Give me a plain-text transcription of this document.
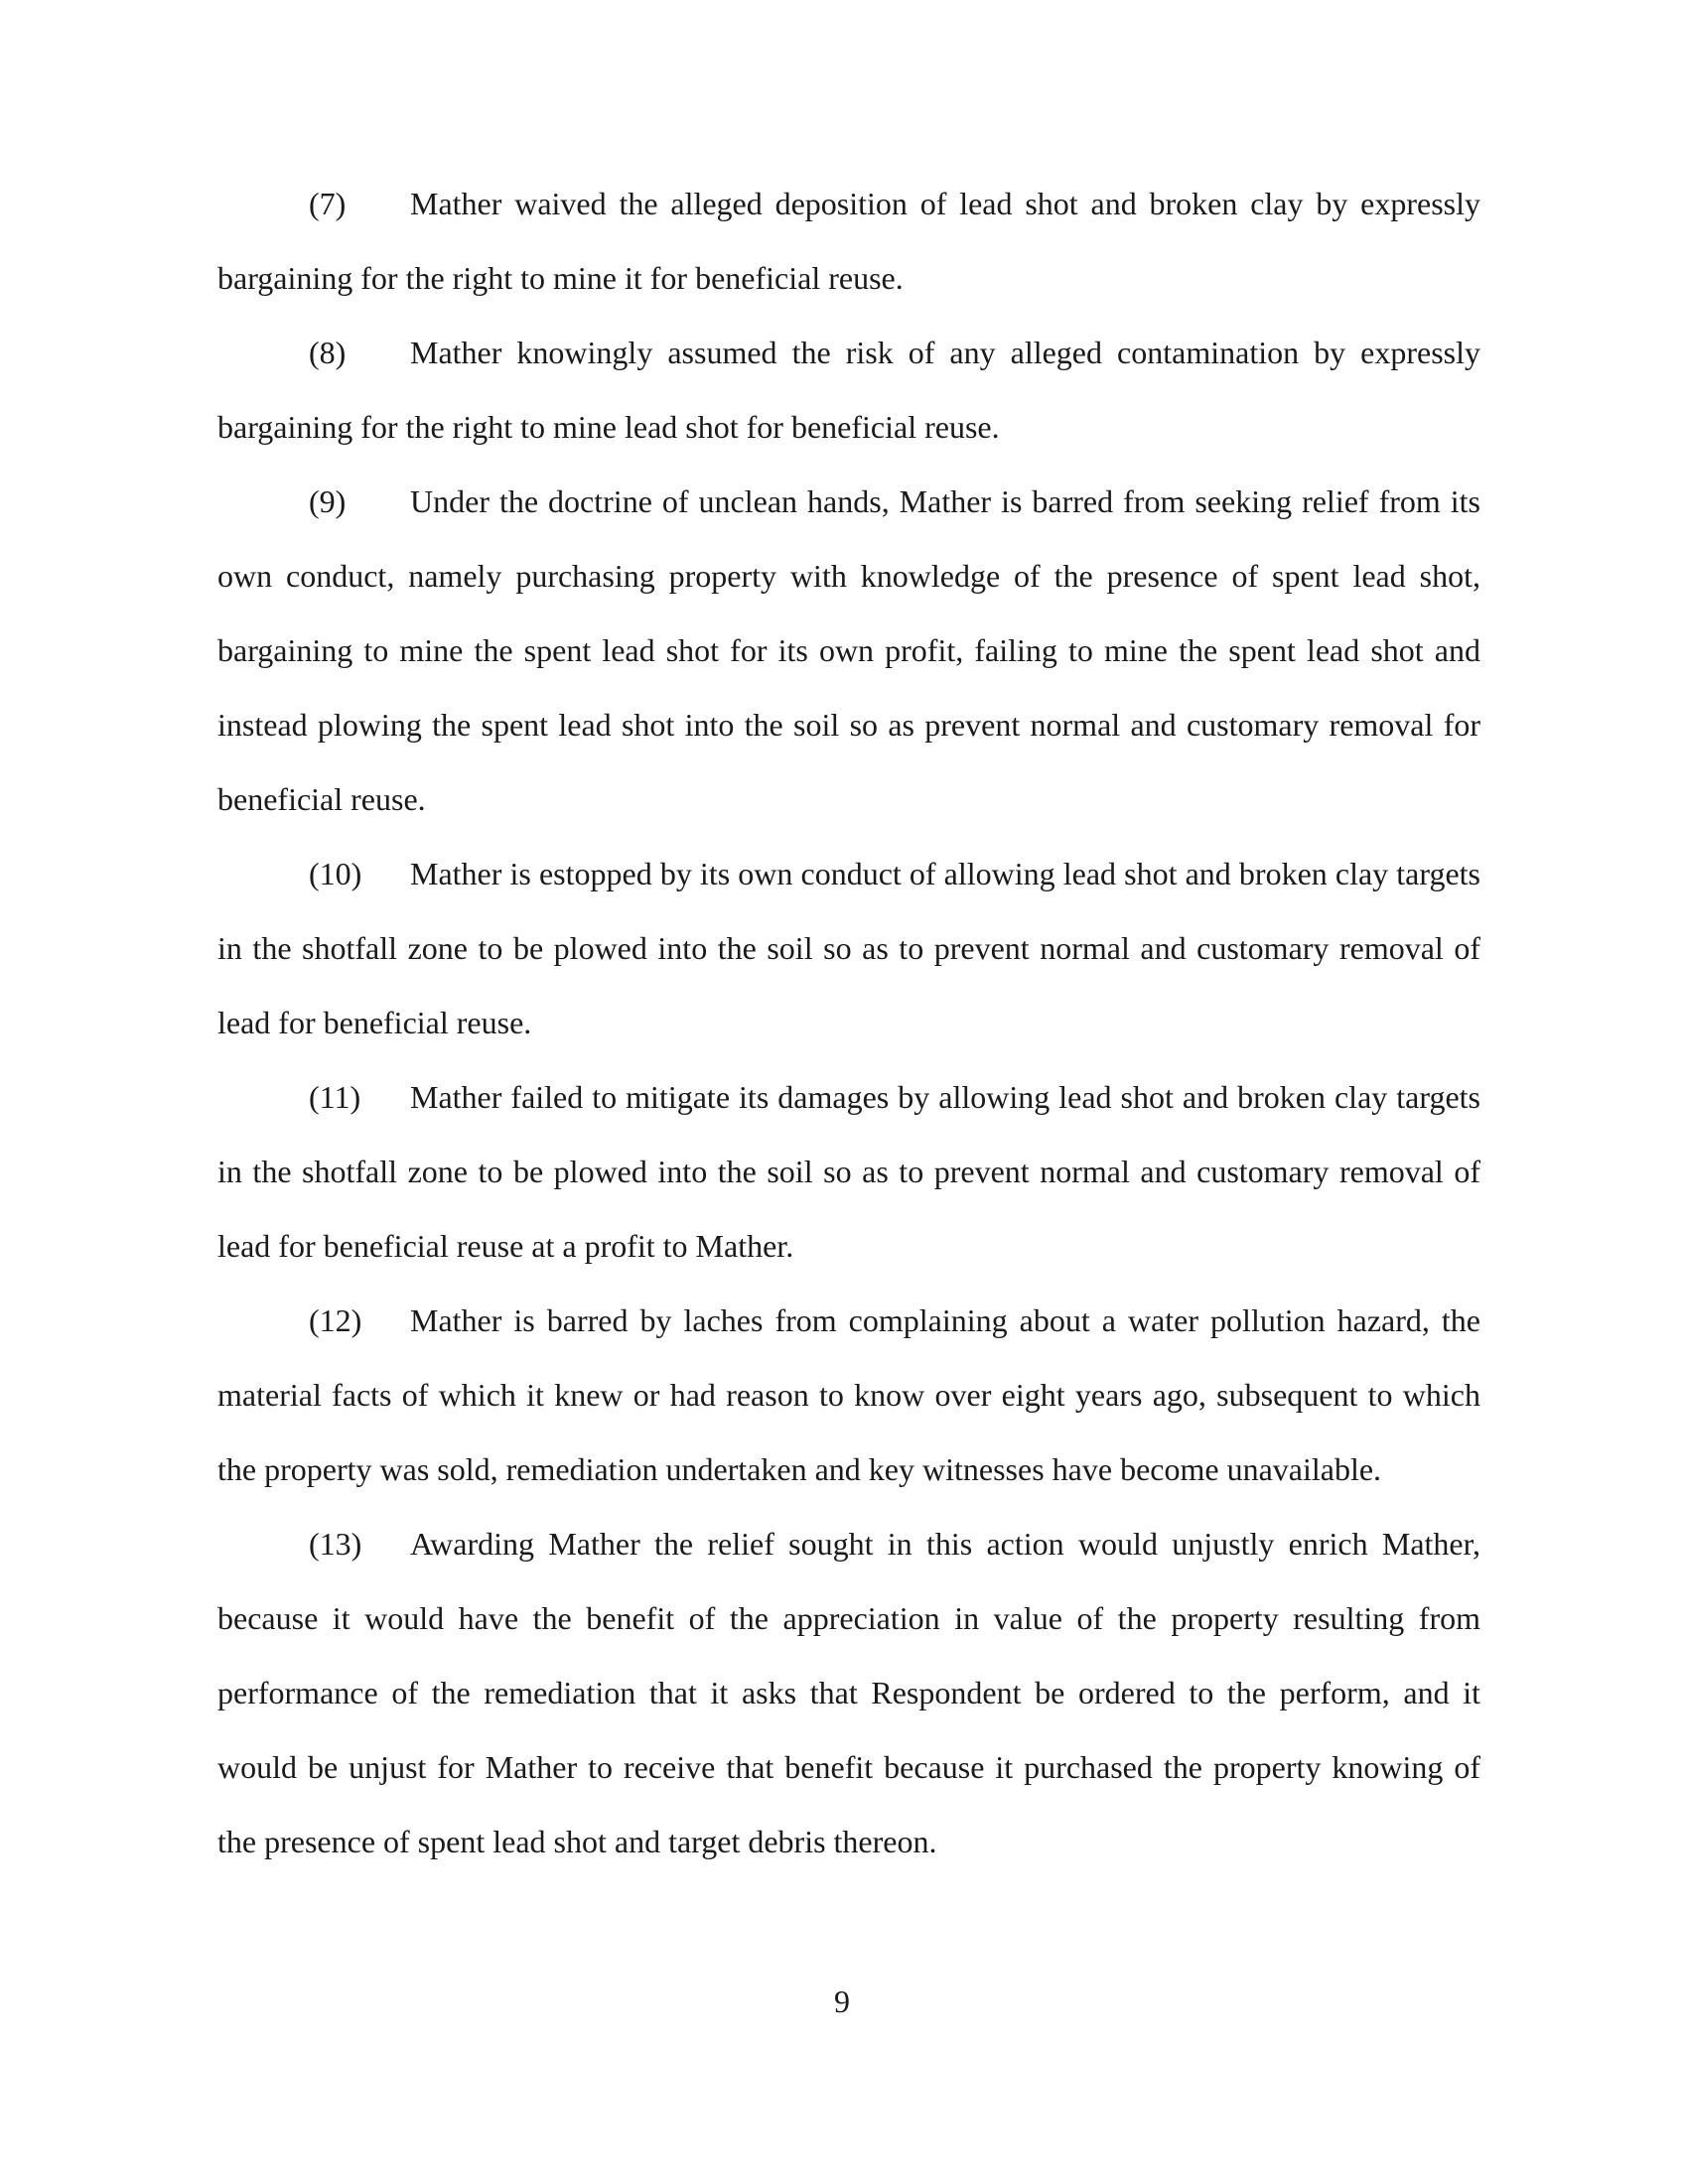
(7) Mather waived the alleged deposition of lead shot and broken clay by expressly bargaining for the right to mine it for beneficial reuse.

(8) Mather knowingly assumed the risk of any alleged contamination by expressly bargaining for the right to mine lead shot for beneficial reuse.

(9) Under the doctrine of unclean hands, Mather is barred from seeking relief from its own conduct, namely purchasing property with knowledge of the presence of spent lead shot, bargaining to mine the spent lead shot for its own profit, failing to mine the spent lead shot and instead plowing the spent lead shot into the soil so as prevent normal and customary removal for beneficial reuse.

(10) Mather is estopped by its own conduct of allowing lead shot and broken clay targets in the shotfall zone to be plowed into the soil so as to prevent normal and customary removal of lead for beneficial reuse.

(11) Mather failed to mitigate its damages by allowing lead shot and broken clay targets in the shotfall zone to be plowed into the soil so as to prevent normal and customary removal of lead for beneficial reuse at a profit to Mather.

(12) Mather is barred by laches from complaining about a water pollution hazard, the material facts of which it knew or had reason to know over eight years ago, subsequent to which the property was sold, remediation undertaken and key witnesses have become unavailable.

(13) Awarding Mather the relief sought in this action would unjustly enrich Mather, because it would have the benefit of the appreciation in value of the property resulting from performance of the remediation that it asks that Respondent be ordered to the perform, and it would be unjust for Mather to receive that benefit because it purchased the property knowing of the presence of spent lead shot and target debris thereon.

9
